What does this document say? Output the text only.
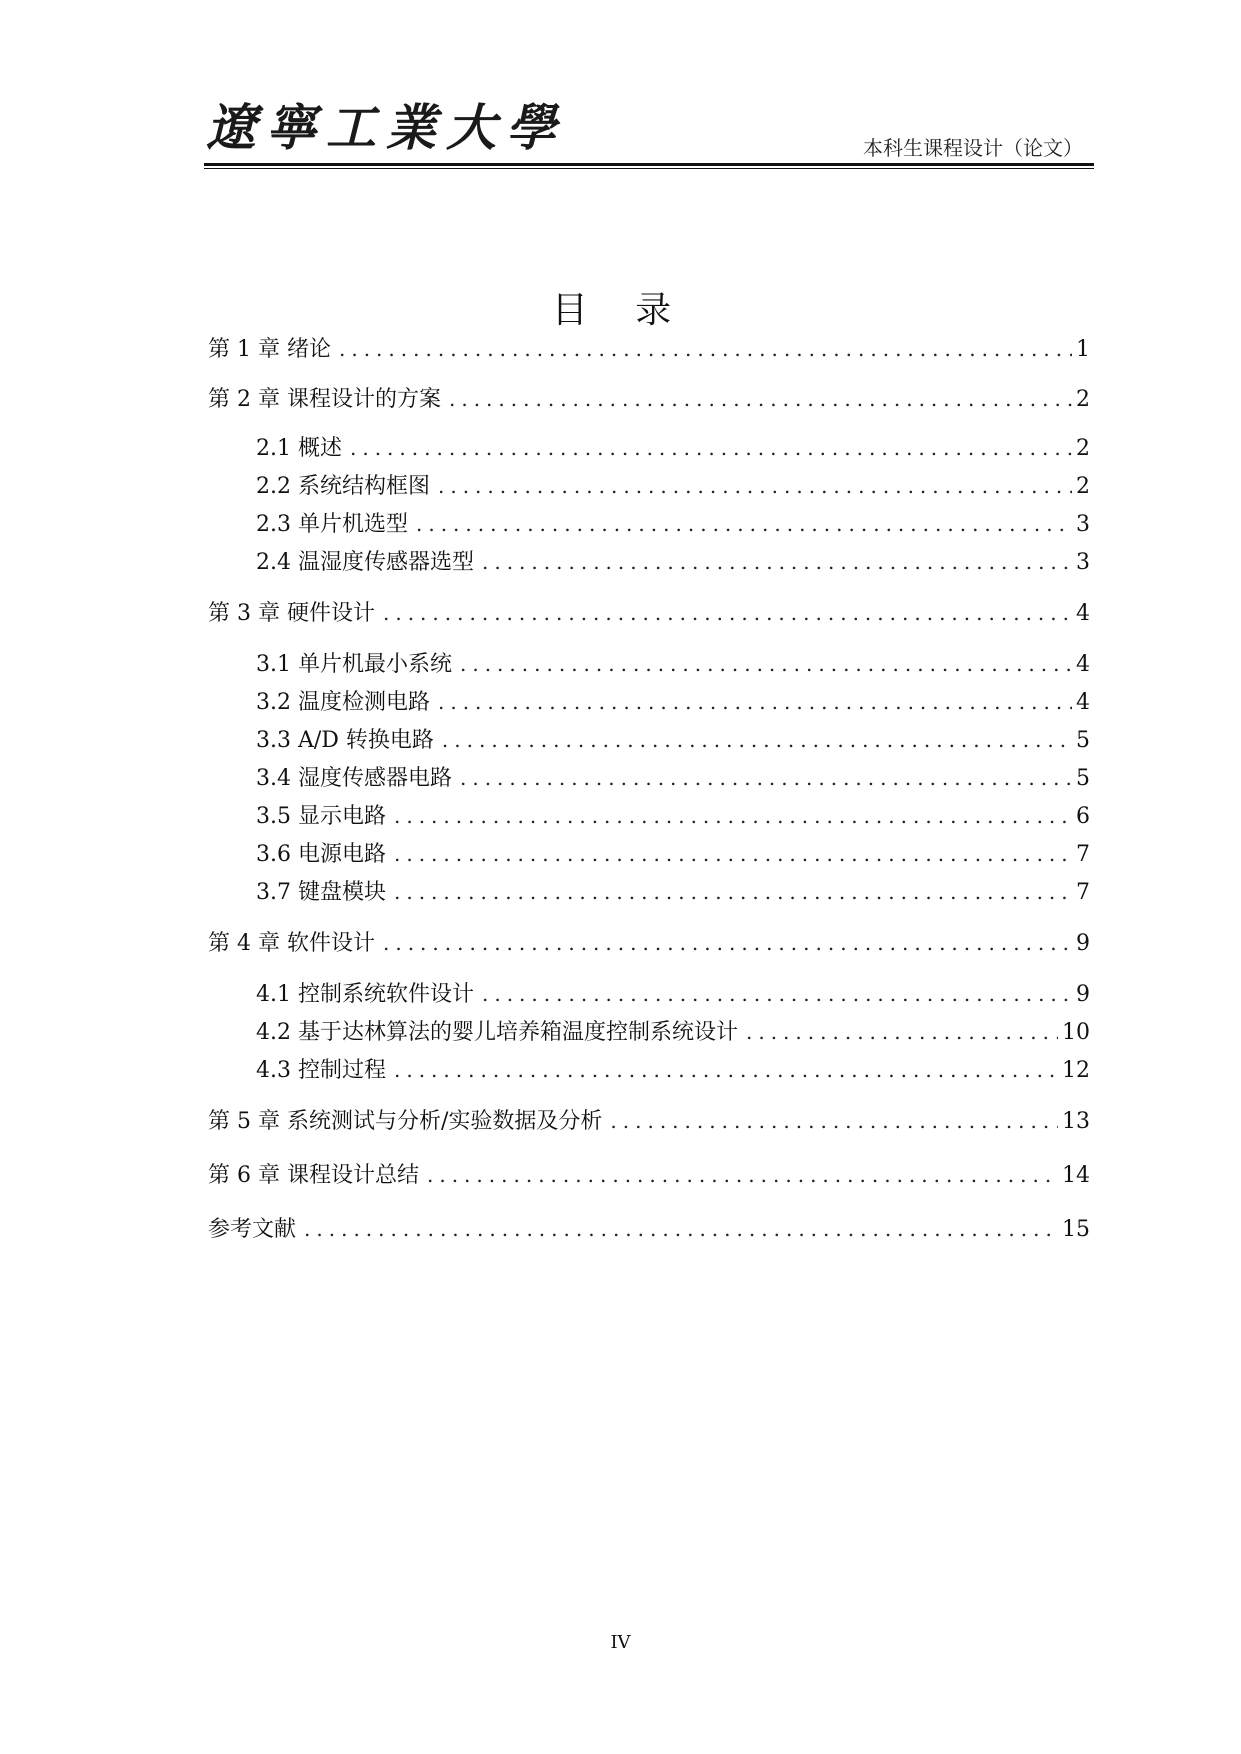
遼寧工業大學	本科生课程设计（论文）
目 录
第 1 章 绪论 .....	1
第 2 章 课程设计的方案 .....	2
2.1 概述 .....	2
2.2 系统结构框图 .....	2
2.3 单片机选型 .....	3
2.4 温湿度传感器选型 .....	3
第 3 章 硬件设计 .....	4
3.1 单片机最小系统 .....	4
3.2 温度检测电路 .....	4
3.3 A/D 转换电路 .....	5
3.4 湿度传感器电路 .....	5
3.5 显示电路 .....	6
3.6 电源电路 .....	7
3.7 键盘模块 .....	7
第 4 章 软件设计 .....	9
4.1 控制系统软件设计 .....	9
4.2 基于达林算法的婴儿培养箱温度控制系统设计 .....	10
4.3 控制过程 .....	12
第 5 章 系统测试与分析/实验数据及分析 .....	13
第 6 章 课程设计总结 .....	14
参考文献 .....	15
IV
